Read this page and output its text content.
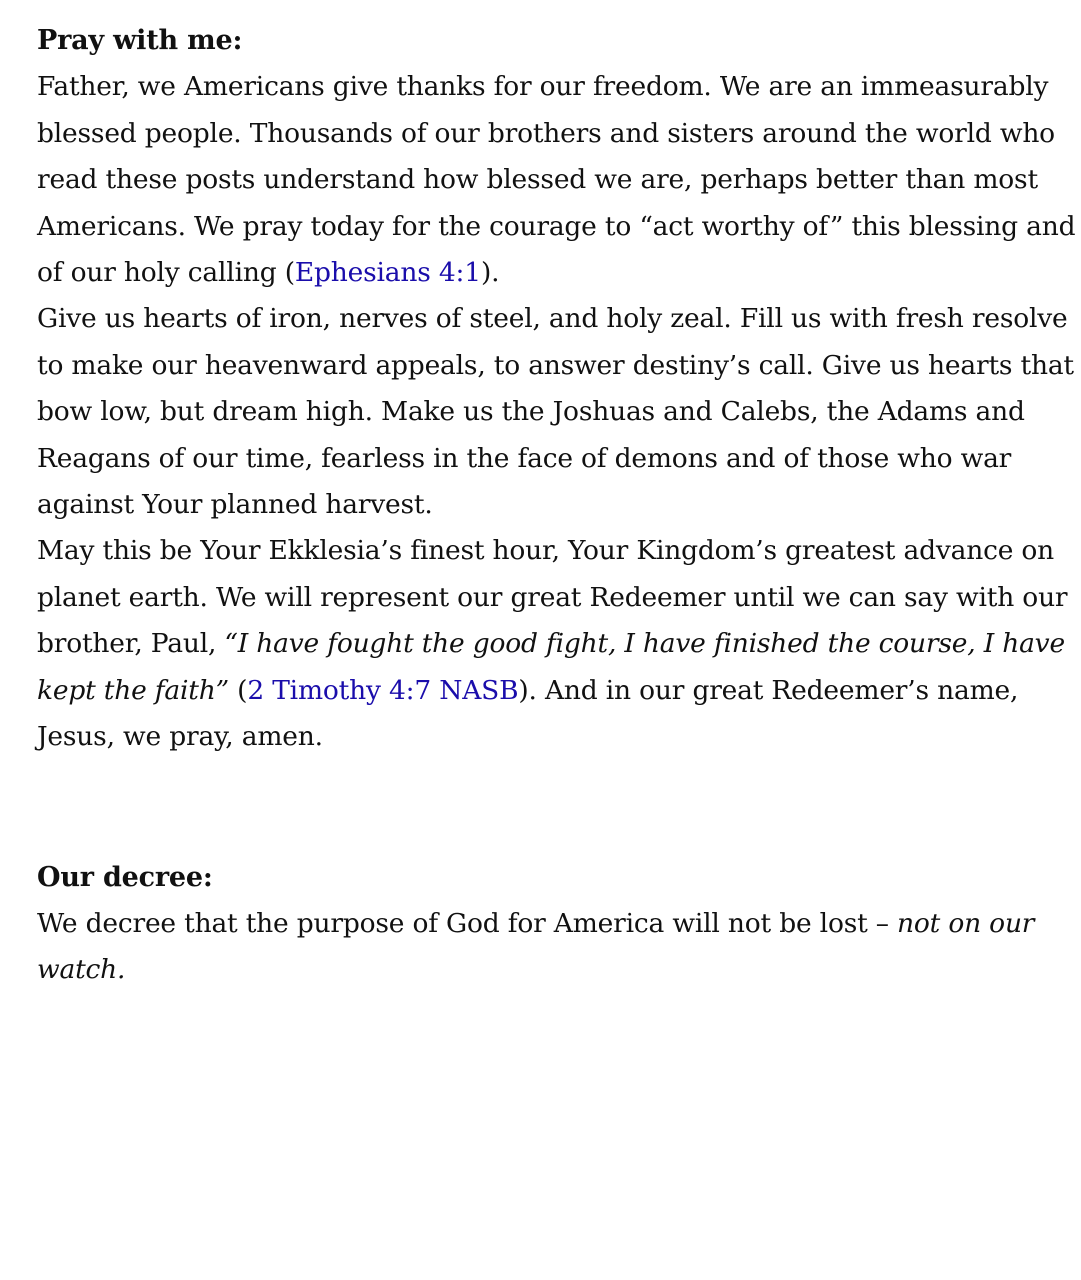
Pray with me:

Father, we Americans give thanks for our freedom. We are an immeasurably blessed people. Thousands of our brothers and sisters around the world who read these posts understand how blessed we are, perhaps better than most Americans. We pray today for the courage to “act worthy of” this blessing and of our holy calling (Ephesians 4:1).

Give us hearts of iron, nerves of steel, and holy zeal. Fill us with fresh resolve to make our heavenward appeals, to answer destiny’s call. Give us hearts that bow low, but dream high. Make us the Joshuas and Calebs, the Adams and Reagans of our time, fearless in the face of demons and of those who war against Your planned harvest.

May this be Your Ekklesia’s finest hour, Your Kingdom’s greatest advance on planet earth. We will represent our great Redeemer until we can say with our brother, Paul, “I have fought the good fight, I have finished the course, I have kept the faith” (2 Timothy 4:7 NASB). And in our great Redeemer’s name, Jesus, we pray, amen.

Our decree:

We decree that the purpose of God for America will not be lost – not on our watch.
